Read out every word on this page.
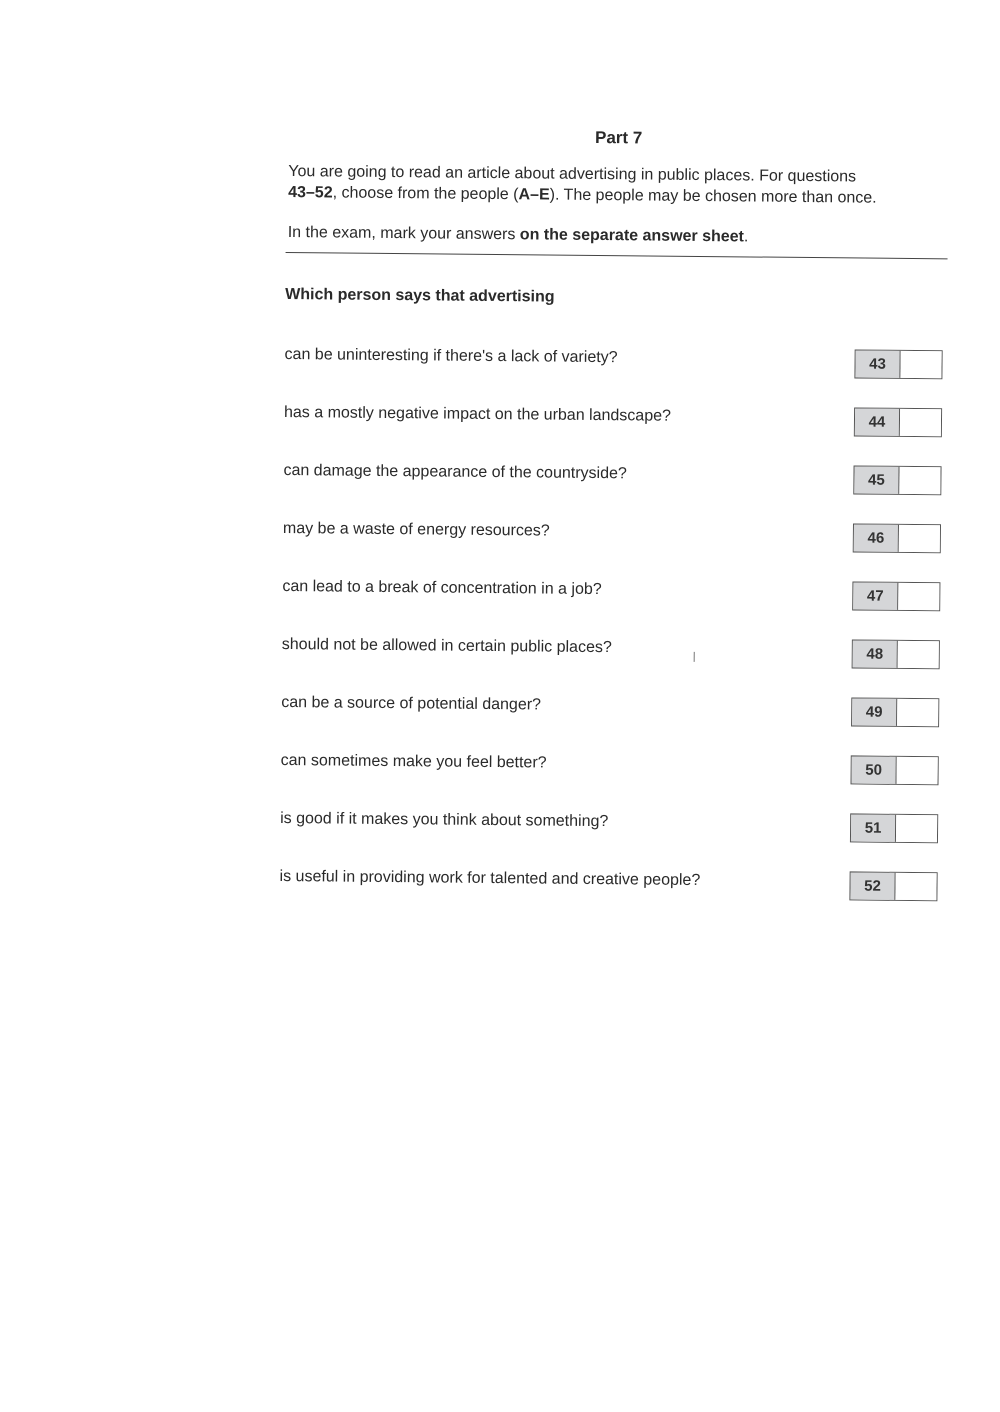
Part 7
You are going to read an article about advertising in public places. For questions
43–52, choose from the people (A–E). The people may be chosen more than once.
In the exam, mark your answers on the separate answer sheet.
Which person says that advertising
can be uninteresting if there's a lack of variety?	43
has a mostly negative impact on the urban landscape?	44
can damage the appearance of the countryside?	45
may be a waste of energy resources?	46
can lead to a break of concentration in a job?	47
should not be allowed in certain public places?	48
can be a source of potential danger?	49
can sometimes make you feel better?	50
is good if it makes you think about something?	51
is useful in providing work for talented and creative people?	52
